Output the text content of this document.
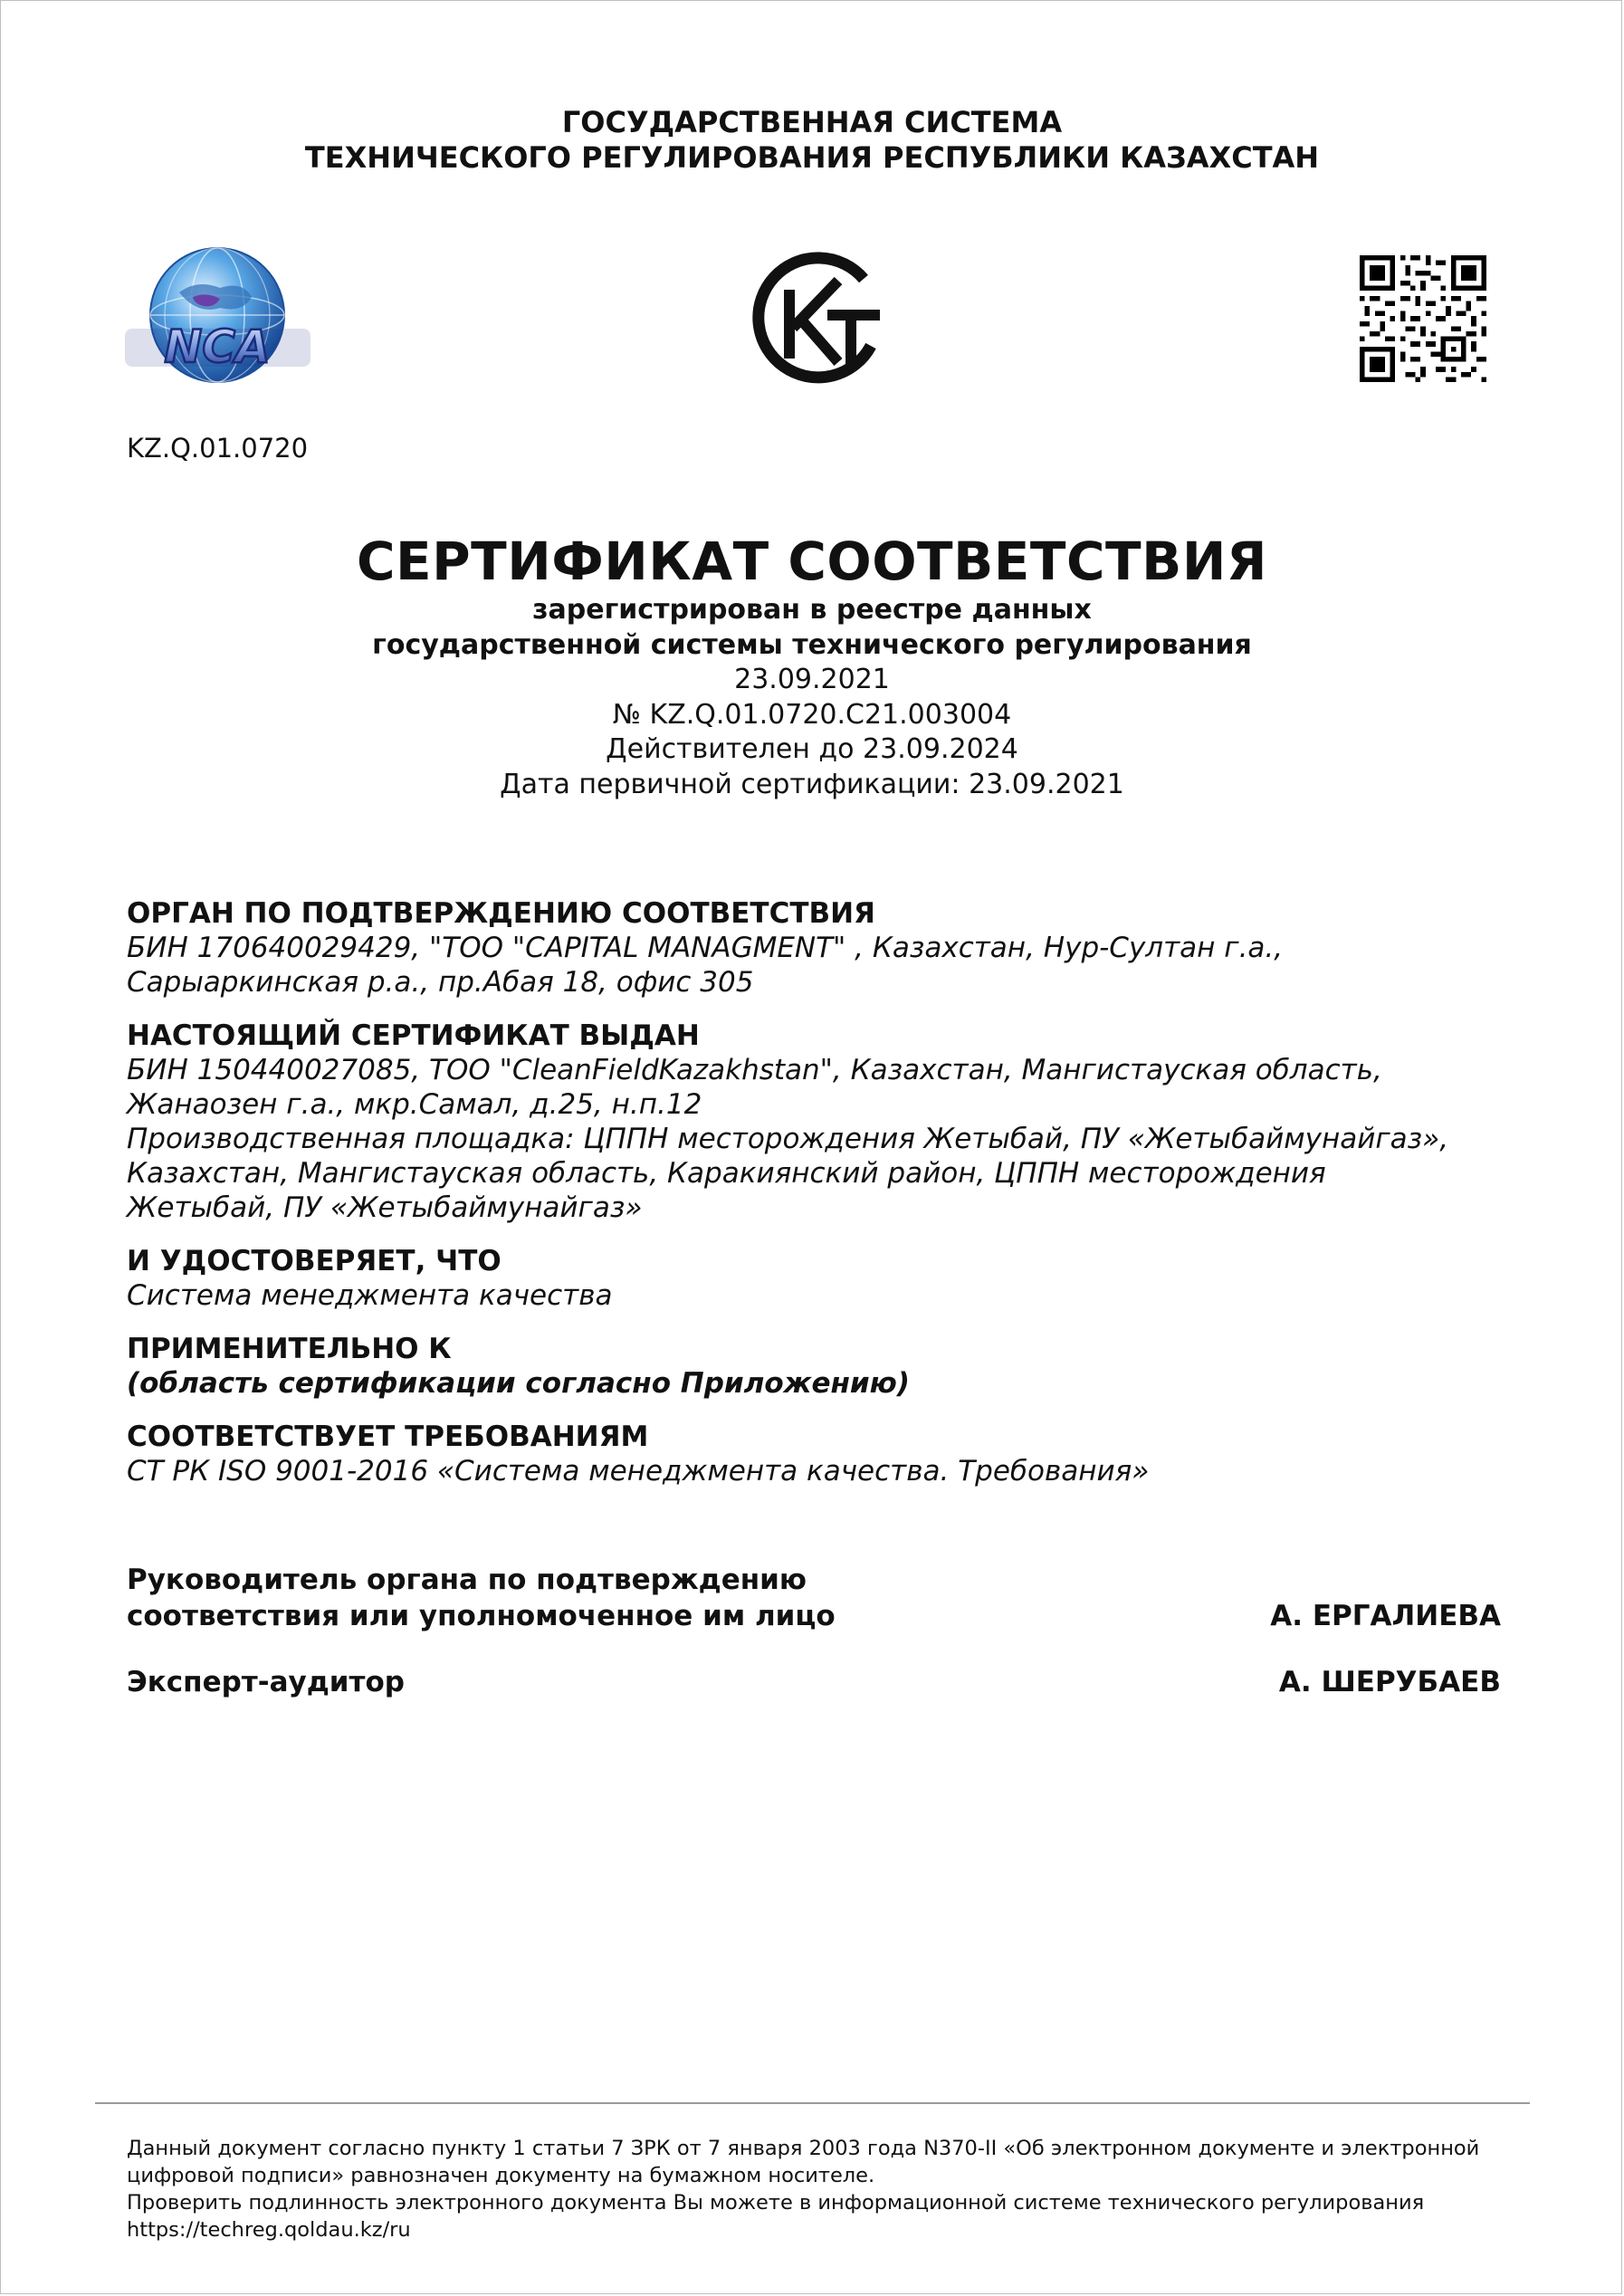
ГОСУДАРСТВЕННАЯ СИСТЕМА
ТЕХНИЧЕСКОГО РЕГУЛИРОВАНИЯ РЕСПУБЛИКИ КАЗАХСТАН
NCA
KZ.Q.01.0720
СЕРТИФИКАТ СООТВЕТСТВИЯ
зарегистрирован в реестре данных
государственной системы технического регулирования
23.09.2021
№ KZ.Q.01.0720.C21.003004
Действителен до 23.09.2024
Дата первичной сертификации: 23.09.2021
ОРГАН ПО ПОДТВЕРЖДЕНИЮ СООТВЕТСТВИЯ
БИН 170640029429, "ТОО "CAPITAL MANAGMENT" , Казахстан, Нур-Султан г.а.,
Сарыаркинская р.а., пр.Абая 18, офис 305
НАСТОЯЩИЙ СЕРТИФИКАТ ВЫДАН
БИН 150440027085, ТОО "CleanFieldKazakhstan", Казахстан, Мангистауская область,
Жанаозен г.а., мкр.Самал, д.25, н.п.12
Производственная площадка: ЦППН месторождения Жетыбай, ПУ «Жетыбаймунайгаз»,
Казахстан, Мангистауская область, Каракиянский район, ЦППН месторождения
Жетыбай, ПУ «Жетыбаймунайгаз»
И УДОСТОВЕРЯЕТ, ЧТО
Система менеджмента качества
ПРИМЕНИТЕЛЬНО К
(область сертификации согласно Приложению)
СООТВЕТСТВУЕТ ТРЕБОВАНИЯМ
СТ РК ISO 9001-2016 «Система менеджмента качества. Требования»
Руководитель органа по подтверждению
соответствия или уполномоченное им лицо	А. ЕРГАЛИЕВА
Эксперт-аудитор	А. ШЕРУБАЕВ
Данный документ согласно пункту 1 статьи 7 ЗРК от 7 января 2003 года N370-II «Об электронном документе и электронной
цифровой подписи» равнозначен документу на бумажном носителе.
Проверить подлинность электронного документа Вы можете в информационной системе технического регулирования
https://techreg.qoldau.kz/ru
